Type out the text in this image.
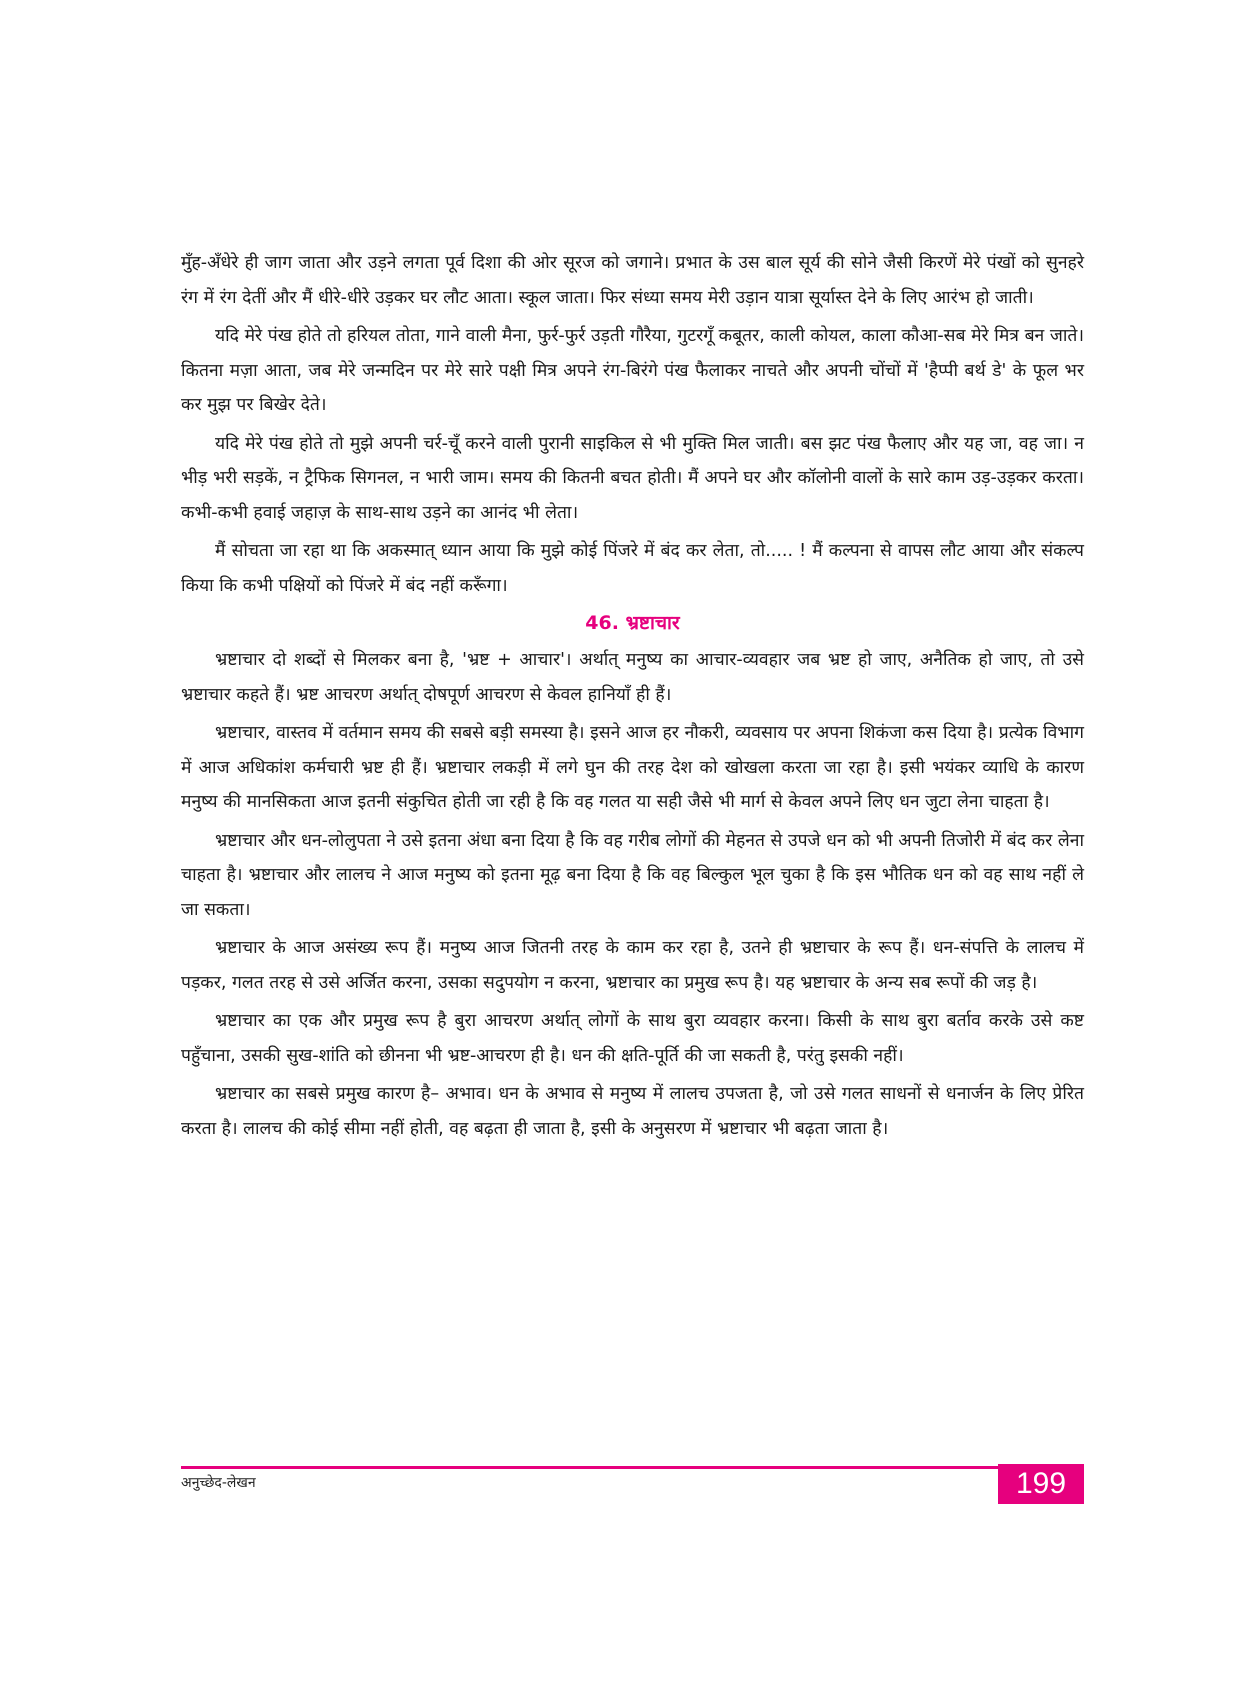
मुँह-अँधेरे ही जाग जाता और उड़ने लगता पूर्व दिशा की ओर सूरज को जगाने। प्रभात के उस बाल सूर्य की सोने जैसी किरणें मेरे पंखों को सुनहरे रंग में रंग देतीं और मैं धीरे-धीरे उड़कर घर लौट आता। स्कूल जाता। फिर संध्या समय मेरी उड़ान यात्रा सूर्यास्त देने के लिए आरंभ हो जाती।

यदि मेरे पंख होते तो हरियल तोता, गाने वाली मैना, फुर्र-फुर्र उड़ती गौरैया, गुटरगूँ कबूतर, काली कोयल, काला कौआ-सब मेरे मित्र बन जाते। कितना मज़ा आता, जब मेरे जन्मदिन पर मेरे सारे पक्षी मित्र अपने रंग-बिरंगे पंख फैलाकर नाचते और अपनी चोंचों में 'हैप्पी बर्थ डे' के फूल भर कर मुझ पर बिखेर देते।

यदि मेरे पंख होते तो मुझे अपनी चर्र-चूँ करने वाली पुरानी साइकिल से भी मुक्ति मिल जाती। बस झट पंख फैलाए और यह जा, वह जा। न भीड़ भरी सड़कें, न ट्रैफिक सिगनल, न भारी जाम। समय की कितनी बचत होती। मैं अपने घर और कॉलोनी वालों के सारे काम उड़-उड़कर करता। कभी-कभी हवाई जहाज़ के साथ-साथ उड़ने का आनंद भी लेता।

मैं सोचता जा रहा था कि अकस्मात् ध्यान आया कि मुझे कोई पिंजरे में बंद कर लेता, तो..... ! मैं कल्पना से वापस लौट आया और संकल्प किया कि कभी पक्षियों को पिंजरे में बंद नहीं करूँगा।

46. भ्रष्टाचार

भ्रष्टाचार दो शब्दों से मिलकर बना है, 'भ्रष्ट + आचार'। अर्थात् मनुष्य का आचार-व्यवहार जब भ्रष्ट हो जाए, अनैतिक हो जाए, तो उसे भ्रष्टाचार कहते हैं। भ्रष्ट आचरण अर्थात् दोषपूर्ण आचरण से केवल हानियाँ ही हैं।

भ्रष्टाचार, वास्तव में वर्तमान समय की सबसे बड़ी समस्या है। इसने आज हर नौकरी, व्यवसाय पर अपना शिकंजा कस दिया है। प्रत्येक विभाग में आज अधिकांश कर्मचारी भ्रष्ट ही हैं। भ्रष्टाचार लकड़ी में लगे घुन की तरह देश को खोखला करता जा रहा है। इसी भयंकर व्याधि के कारण मनुष्य की मानसिकता आज इतनी संकुचित होती जा रही है कि वह गलत या सही जैसे भी मार्ग से केवल अपने लिए धन जुटा लेना चाहता है।

भ्रष्टाचार और धन-लोलुपता ने उसे इतना अंधा बना दिया है कि वह गरीब लोगों की मेहनत से उपजे धन को भी अपनी तिजोरी में बंद कर लेना चाहता है। भ्रष्टाचार और लालच ने आज मनुष्य को इतना मूढ़ बना दिया है कि वह बिल्कुल भूल चुका है कि इस भौतिक धन को वह साथ नहीं ले जा सकता।

भ्रष्टाचार के आज असंख्य रूप हैं। मनुष्य आज जितनी तरह के काम कर रहा है, उतने ही भ्रष्टाचार के रूप हैं। धन-संपत्ति के लालच में पड़कर, गलत तरह से उसे अर्जित करना, उसका सदुपयोग न करना, भ्रष्टाचार का प्रमुख रूप है। यह भ्रष्टाचार के अन्य सब रूपों की जड़ है।

भ्रष्टाचार का एक और प्रमुख रूप है बुरा आचरण अर्थात् लोगों के साथ बुरा व्यवहार करना। किसी के साथ बुरा बर्ताव करके उसे कष्ट पहुँचाना, उसकी सुख-शांति को छीनना भी भ्रष्ट-आचरण ही है। धन की क्षति-पूर्ति की जा सकती है, परंतु इसकी नहीं।

भ्रष्टाचार का सबसे प्रमुख कारण है– अभाव। धन के अभाव से मनुष्य में लालच उपजता है, जो उसे गलत साधनों से धनार्जन के लिए प्रेरित करता है। लालच की कोई सीमा नहीं होती, वह बढ़ता ही जाता है, इसी के अनुसरण में भ्रष्टाचार भी बढ़ता जाता है।

अनुच्छेद-लेखन	199
